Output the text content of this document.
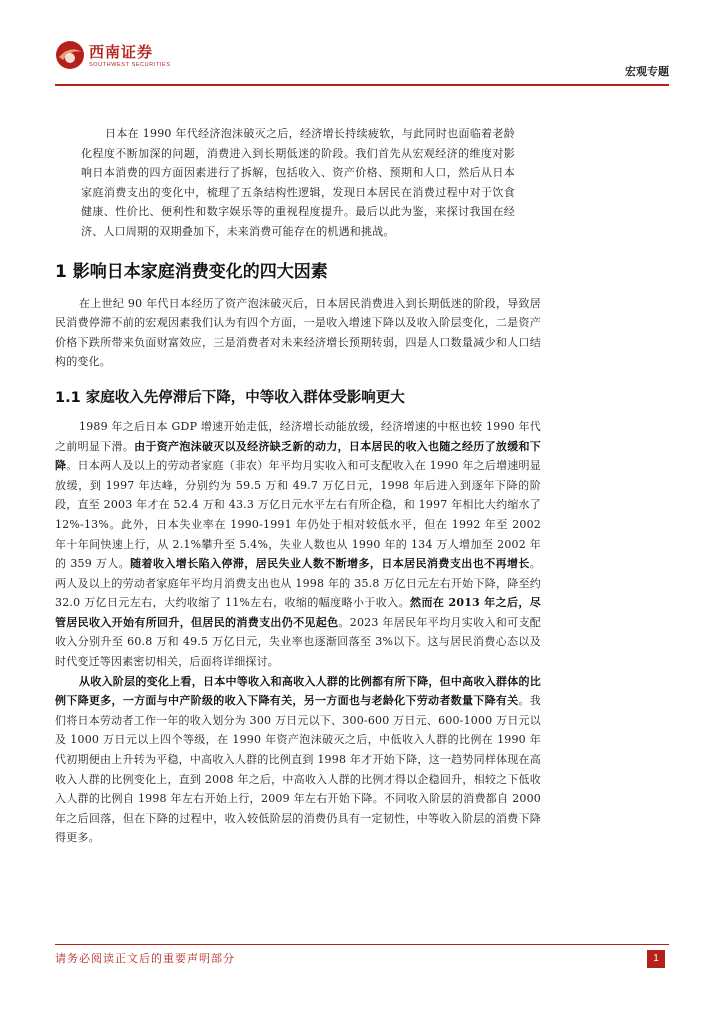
西南证券
SOUTHWEST SECURITIES	宏观专题

日本在 1990 年代经济泡沫破灭之后，经济增长持续疲软，与此同时也面临着老龄化程度不断加深的问题，消费进入到长期低迷的阶段。我们首先从宏观经济的维度对影响日本消费的四方面因素进行了拆解，包括收入、资产价格、预期和人口，然后从日本家庭消费支出的变化中，梳理了五条结构性逻辑，发现日本居民在消费过程中对于饮食健康、性价比、便利性和数字娱乐等的重视程度提升。最后以此为鉴，来探讨我国在经济、人口周期的双期叠加下，未来消费可能存在的机遇和挑战。

1 影响日本家庭消费变化的四大因素

在上世纪 90 年代日本经历了资产泡沫破灭后，日本居民消费进入到长期低迷的阶段，导致居民消费停滞不前的宏观因素我们认为有四个方面，一是收入增速下降以及收入阶层变化，二是资产价格下跌所带来负面财富效应，三是消费者对未来经济增长预期转弱，四是人口数量减少和人口结构的变化。

1.1 家庭收入先停滞后下降，中等收入群体受影响更大

1989 年之后日本 GDP 增速开始走低，经济增长动能放缓，经济增速的中枢也较 1990 年代之前明显下滑。由于资产泡沫破灭以及经济缺乏新的动力，日本居民的收入也随之经历了放缓和下降。日本两人及以上的劳动者家庭（非农）年平均月实收入和可支配收入在 1990 年之后增速明显放缓，到 1997 年达峰，分别约为 59.5 万和 49.7 万亿日元，1998 年后进入到逐年下降的阶段，直至 2003 年才在 52.4 万和 43.3 万亿日元水平左右有所企稳，和 1997 年相比大约缩水了 12%-13%。此外，日本失业率在 1990-1991 年仍处于相对较低水平，但在 1992 年至 2002 年十年间快速上行，从 2.1%攀升至 5.4%，失业人数也从 1990 年的 134 万人增加至 2002 年的 359 万人。随着收入增长陷入停滞，居民失业人数不断增多，日本居民消费支出也不再增长。两人及以上的劳动者家庭年平均月消费支出也从 1998 年的 35.8 万亿日元左右开始下降，降至约 32.0 万亿日元左右，大约收缩了 11%左右，收缩的幅度略小于收入。然而在 2013 年之后，尽管居民收入开始有所回升，但居民的消费支出仍不见起色。2023 年居民年平均月实收入和可支配收入分别升至 60.8 万和 49.5 万亿日元，失业率也逐渐回落至 3%以下。这与居民消费心态以及时代变迁等因素密切相关，后面将详细探讨。

从收入阶层的变化上看，日本中等收入和高收入人群的比例都有所下降，但中高收入群体的比例下降更多，一方面与中产阶级的收入下降有关，另一方面也与老龄化下劳动者数量下降有关。我们将日本劳动者工作一年的收入划分为 300 万日元以下、300-600 万日元、600-1000 万日元以及 1000 万日元以上四个等级，在 1990 年资产泡沫破灭之后，中低收入人群的比例在 1990 年代初期便由上升转为平稳，中高收入人群的比例直到 1998 年才开始下降，这一趋势同样体现在高收入人群的比例变化上，直到 2008 年之后，中高收入人群的比例才得以企稳回升，相较之下低收入人群的比例自 1998 年左右开始上行，2009 年左右开始下降。不同收入阶层的消费都自 2000 年之后回落，但在下降的过程中，收入较低阶层的消费仍具有一定韧性，中等收入阶层的消费下降得更多。

请务必阅读正文后的重要声明部分	1
